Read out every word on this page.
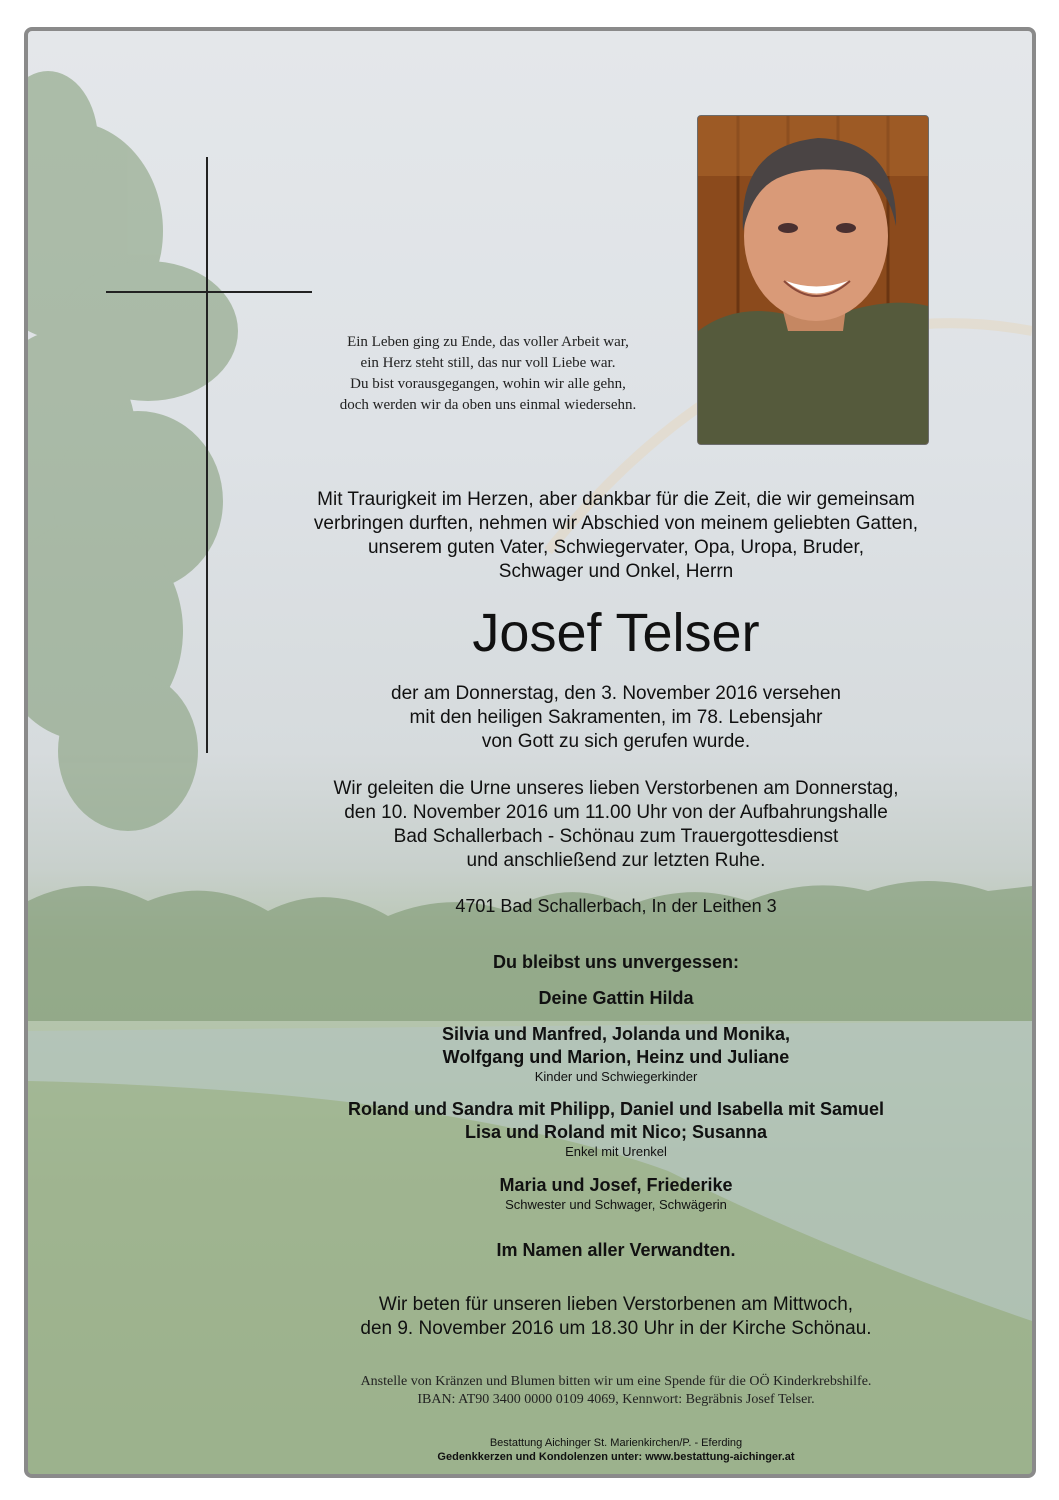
Ein Leben ging zu Ende, das voller Arbeit war,
ein Herz steht still, das nur voll Liebe war.
Du bist vorausgegangen, wohin wir alle gehn,
doch werden wir da oben uns einmal wiedersehn.
Mit Traurigkeit im Herzen, aber dankbar für die Zeit, die wir gemeinsam
verbringen durften, nehmen wir Abschied von meinem geliebten Gatten,
unserem guten Vater, Schwiegervater, Opa, Uropa, Bruder,
Schwager und Onkel, Herrn
Josef Telser
der am Donnerstag, den 3. November 2016 versehen
mit den heiligen Sakramenten, im 78. Lebensjahr
von Gott zu sich gerufen wurde.
Wir geleiten die Urne unseres lieben Verstorbenen am Donnerstag,
den 10. November 2016 um 11.00 Uhr von der Aufbahrungshalle
Bad Schallerbach - Schönau zum Trauergottesdienst
und anschließend zur letzten Ruhe.
4701 Bad Schallerbach, In der Leithen 3
Du bleibst uns unvergessen:
Deine Gattin Hilda
Silvia und Manfred, Jolanda und Monika,
Wolfgang und Marion, Heinz und Juliane
Kinder und Schwiegerkinder
Roland und Sandra mit Philipp, Daniel und Isabella mit Samuel
Lisa und Roland mit Nico; Susanna
Enkel mit Urenkel
Maria und Josef, Friederike
Schwester und Schwager, Schwägerin
Im Namen aller Verwandten.
Wir beten für unseren lieben Verstorbenen am Mittwoch,
den 9. November 2016 um 18.30 Uhr in der Kirche Schönau.
Anstelle von Kränzen und Blumen bitten wir um eine Spende für die OÖ Kinderkrebshilfe.
IBAN: AT90 3400 0000 0109 4069, Kennwort: Begräbnis Josef Telser.
Bestattung Aichinger St. Marienkirchen/P. - Eferding
Gedenkkerzen und Kondolenzen unter: www.bestattung-aichinger.at
